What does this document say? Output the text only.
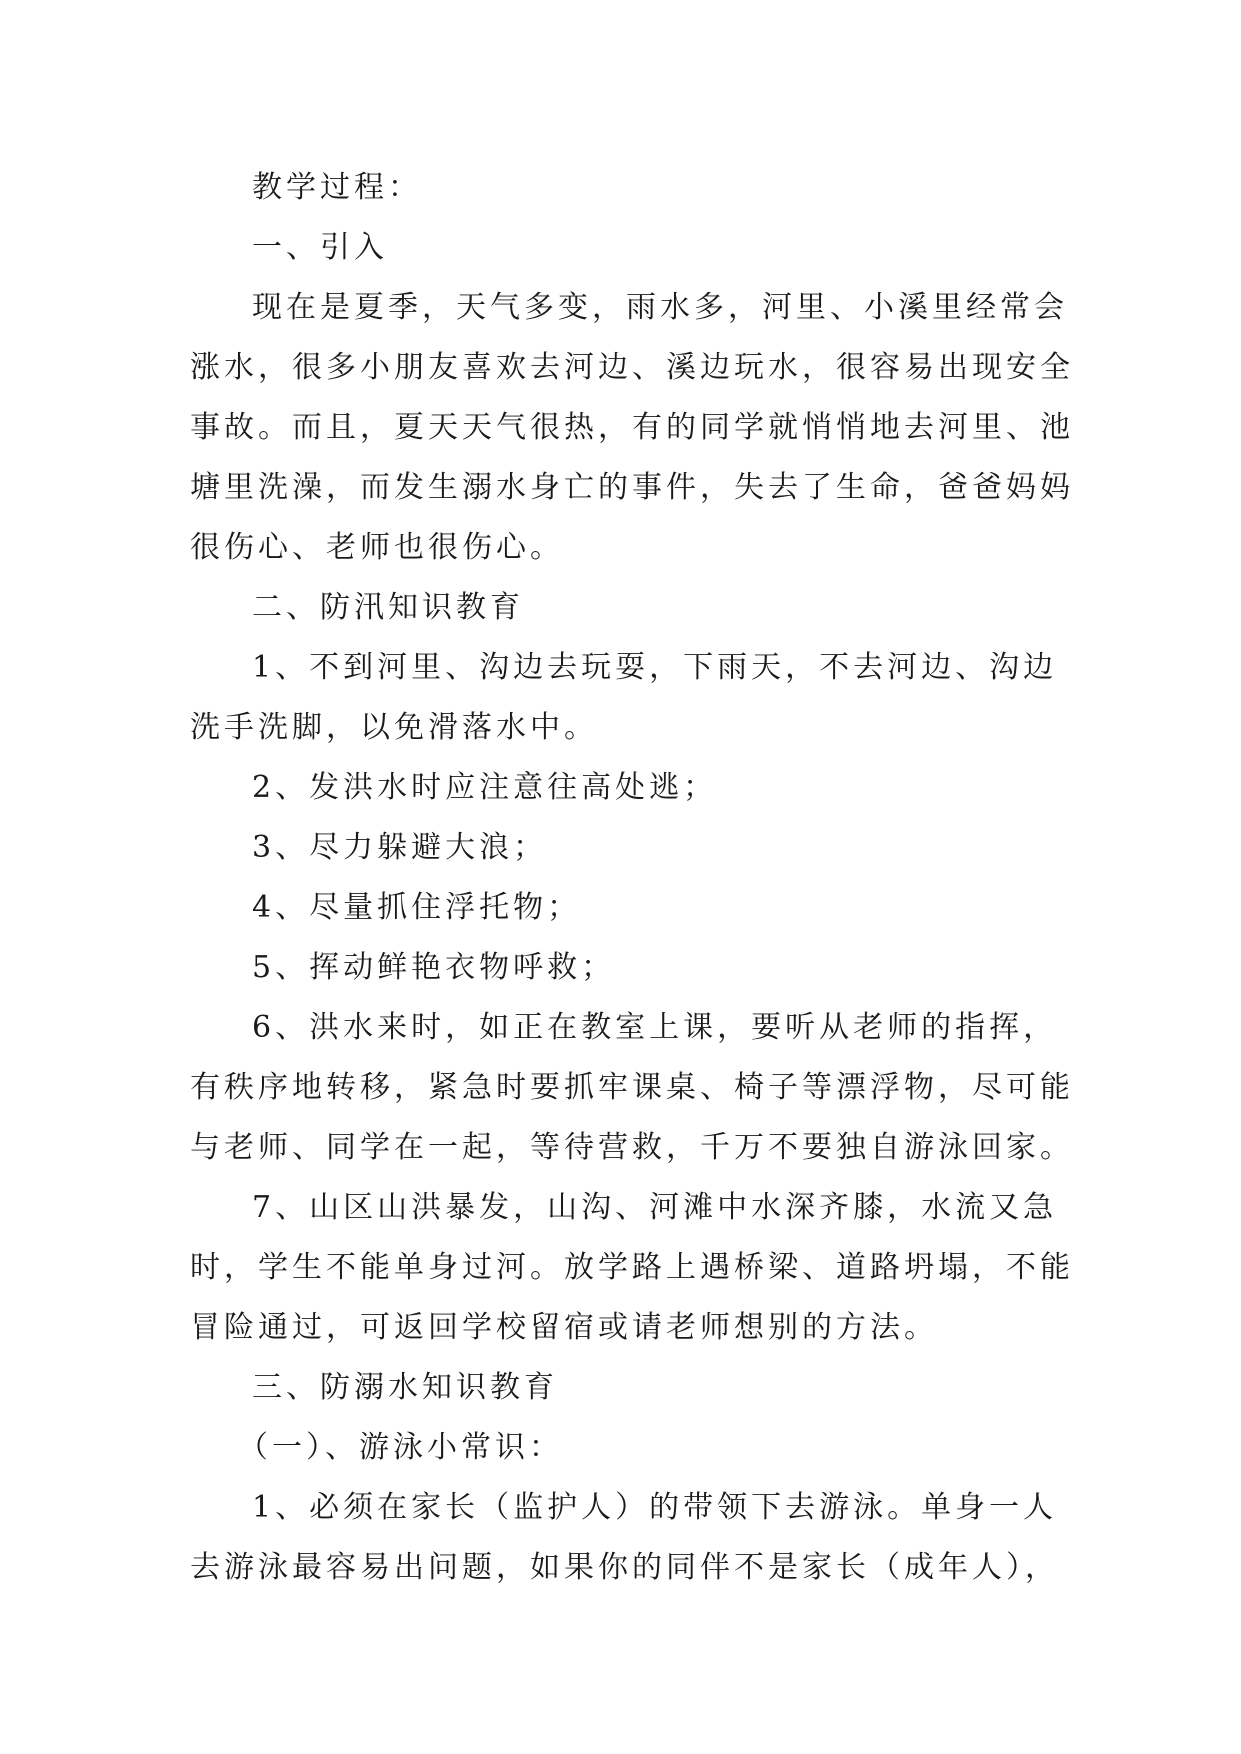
教学过程：

一、引入

现在是夏季，天气多变，雨水多，河里、小溪里经常会
涨水，很多小朋友喜欢去河边、溪边玩水，很容易出现安全
事故。而且，夏天天气很热，有的同学就悄悄地去河里、池
塘里洗澡，而发生溺水身亡的事件，失去了生命，爸爸妈妈
很伤心、老师也很伤心。

二、防汛知识教育

1、不到河里、沟边去玩耍，下雨天，不去河边、沟边
洗手洗脚，以免滑落水中。

2、发洪水时应注意往高处逃；

3、尽力躲避大浪；

4、尽量抓住浮托物；

5、挥动鲜艳衣物呼救；

6、洪水来时，如正在教室上课，要听从老师的指挥，
有秩序地转移，紧急时要抓牢课桌、椅子等漂浮物，尽可能
与老师、同学在一起，等待营救，千万不要独自游泳回家。

7、山区山洪暴发，山沟、河滩中水深齐膝，水流又急
时，学生不能单身过河。放学路上遇桥梁、道路坍塌，不能
冒险通过，可返回学校留宿或请老师想别的方法。

三、防溺水知识教育

（一）、游泳小常识：

1、必须在家长（监护人）的带领下去游泳。单身一人
去游泳最容易出问题，如果你的同伴不是家长（成年人），
